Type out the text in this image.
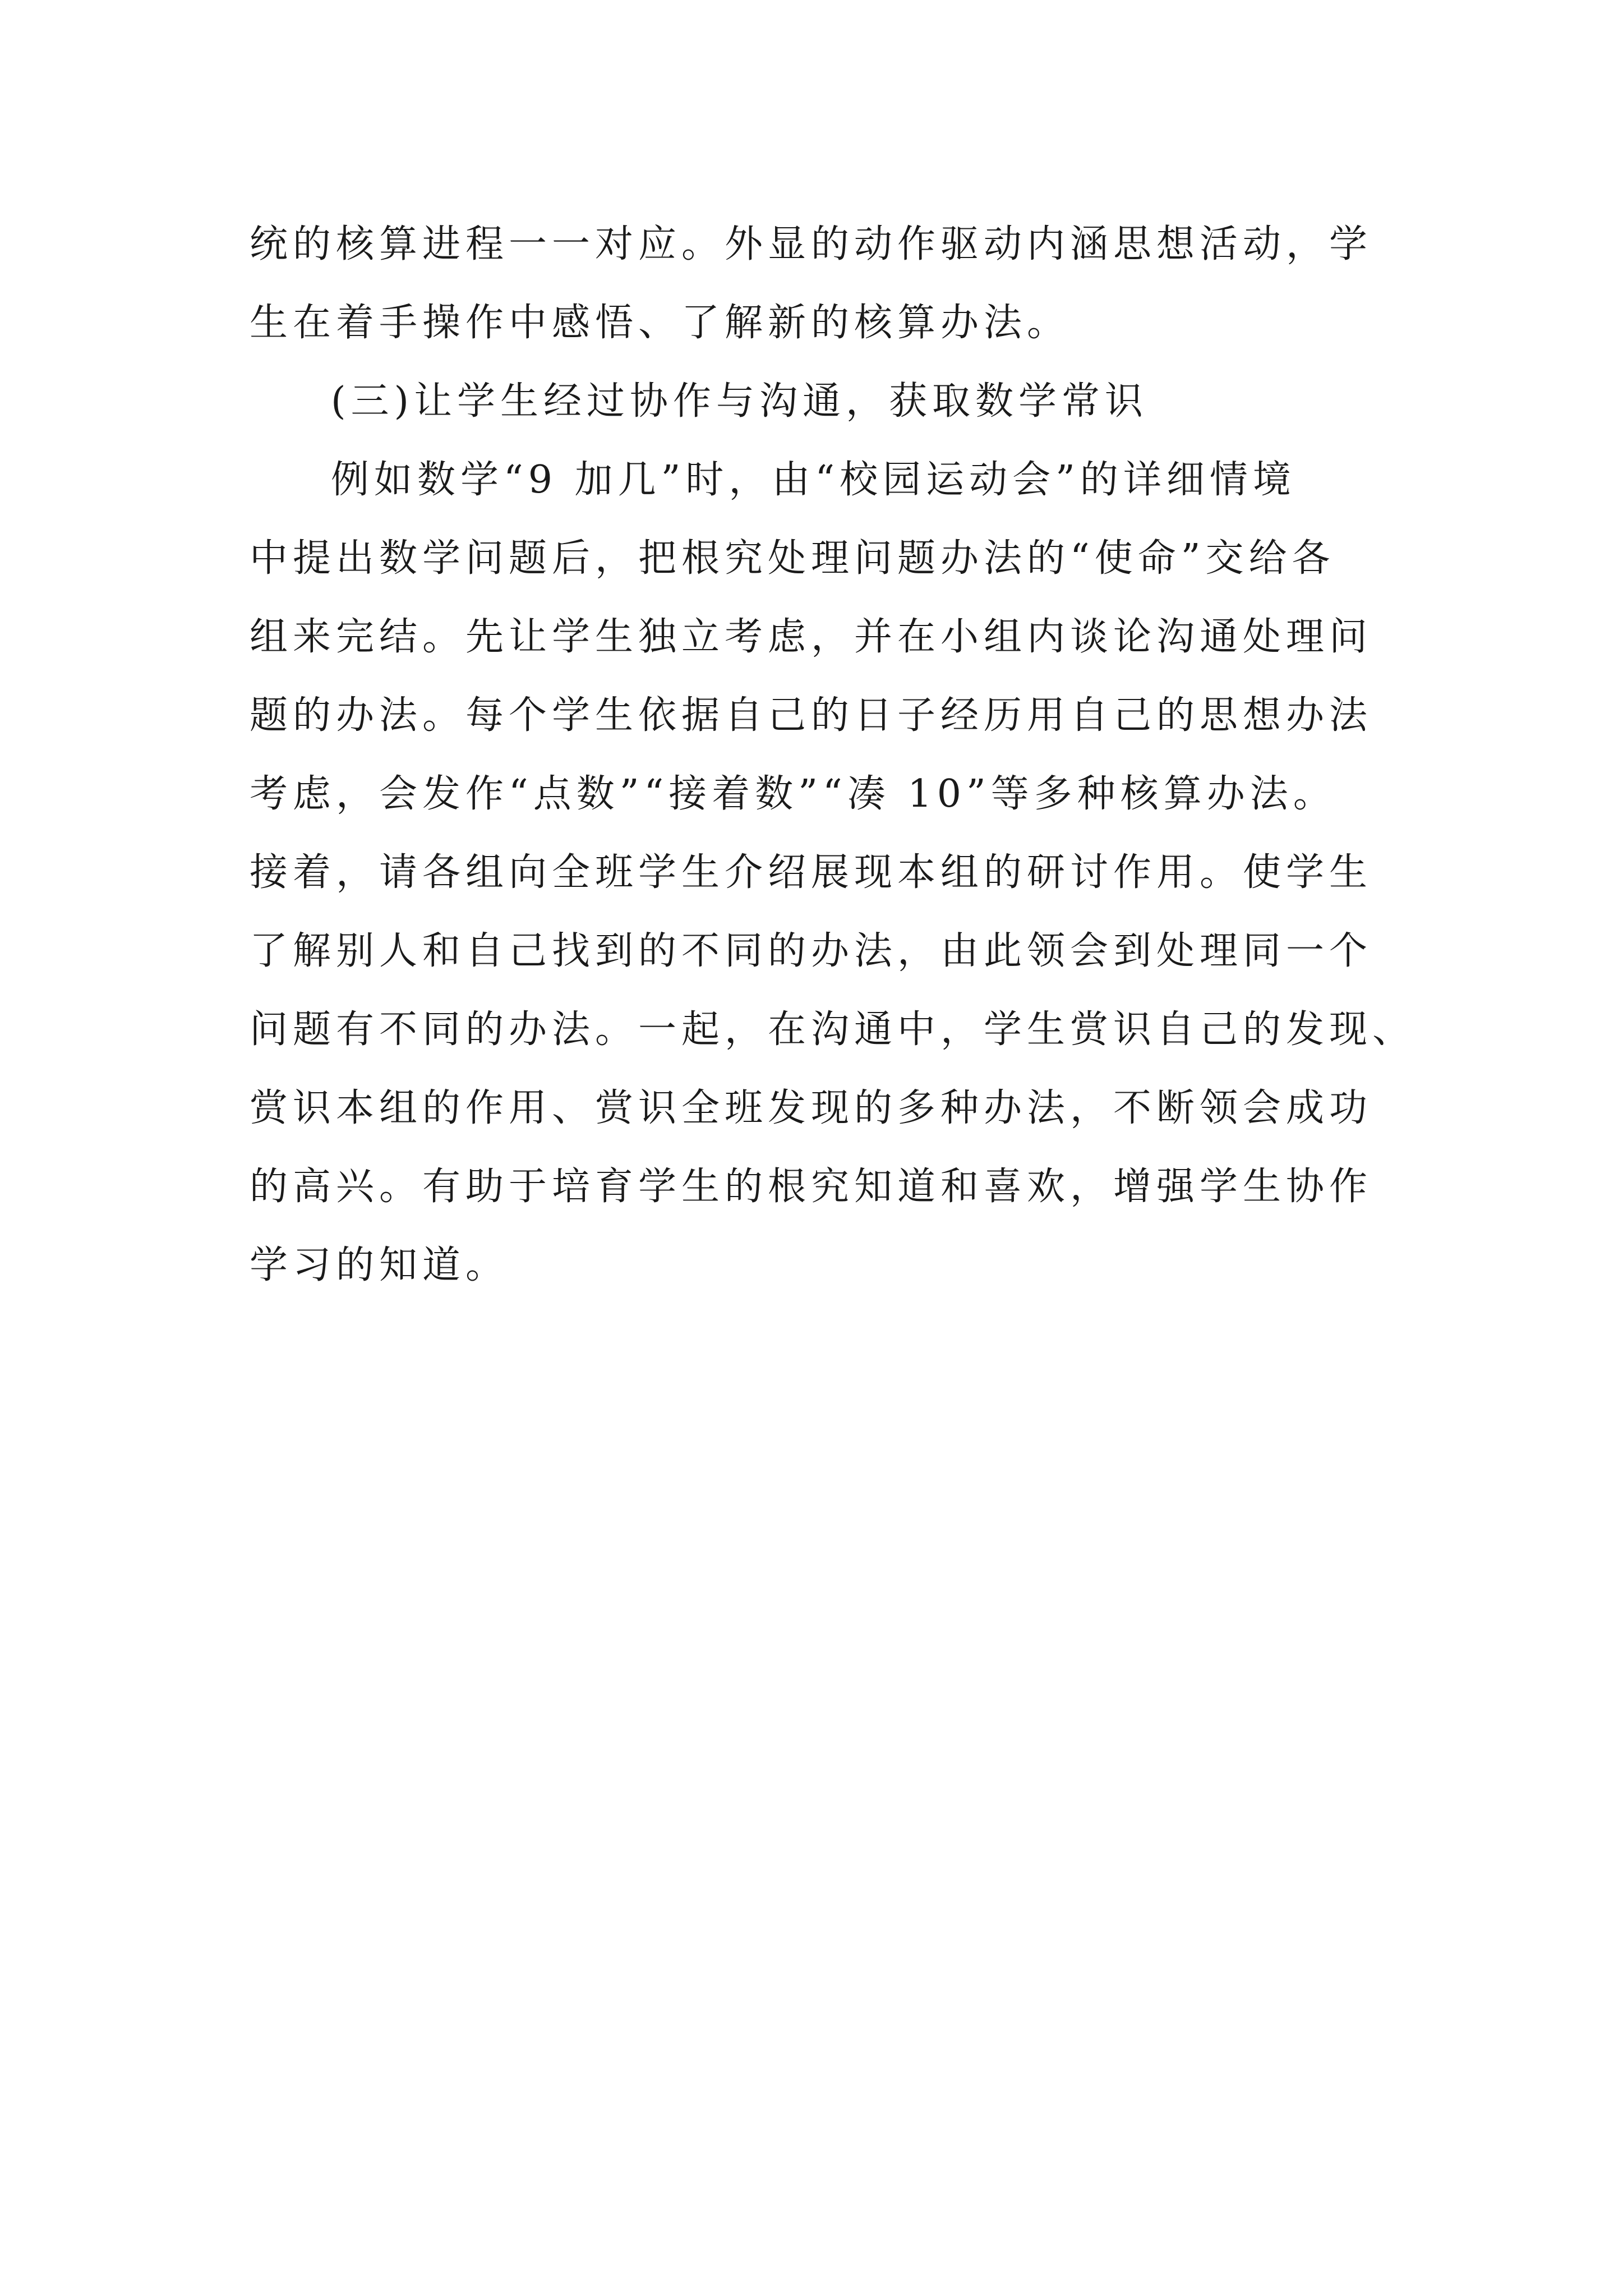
统的核算进程一一对应。外显的动作驱动内涵思想活动，学

生在着手操作中感悟、了解新的核算办法。

(三)让学生经过协作与沟通，获取数学常识

例如数学“9 加几”时，由“校园运动会”的详细情境

中提出数学问题后，把根究处理问题办法的“使命”交给各

组来完结。先让学生独立考虑，并在小组内谈论沟通处理问

题的办法。每个学生依据自己的日子经历用自己的思想办法

考虑，会发作“点数”“接着数”“凑 10”等多种核算办法。

接着，请各组向全班学生介绍展现本组的研讨作用。使学生

了解别人和自己找到的不同的办法，由此领会到处理同一个

问题有不同的办法。一起，在沟通中，学生赏识自己的发现、

赏识本组的作用、赏识全班发现的多种办法，不断领会成功

的高兴。有助于培育学生的根究知道和喜欢，增强学生协作

学习的知道。
